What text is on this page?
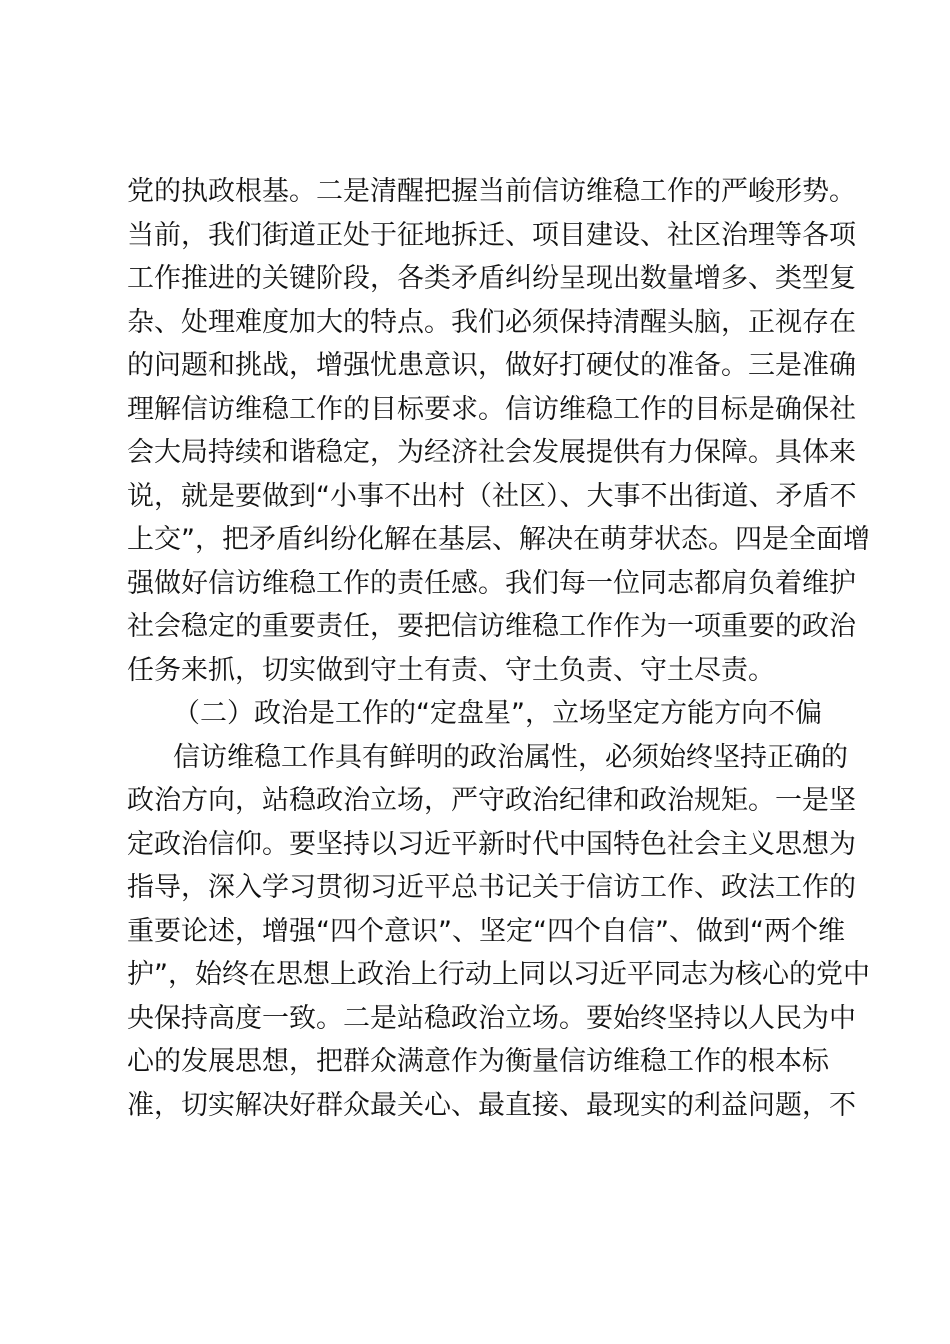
党的执政根基。二是清醒把握当前信访维稳工作的严峻形势。
当前，我们街道正处于征地拆迁、项目建设、社区治理等各项
工作推进的关键阶段，各类矛盾纠纷呈现出数量增多、类型复
杂、处理难度加大的特点。我们必须保持清醒头脑，正视存在
的问题和挑战，增强忧患意识，做好打硬仗的准备。三是准确
理解信访维稳工作的目标要求。信访维稳工作的目标是确保社
会大局持续和谐稳定，为经济社会发展提供有力保障。具体来
说，就是要做到“小事不出村（社区）、大事不出街道、矛盾不
上交”，把矛盾纠纷化解在基层、解决在萌芽状态。四是全面增
强做好信访维稳工作的责任感。我们每一位同志都肩负着维护
社会稳定的重要责任，要把信访维稳工作作为一项重要的政治
任务来抓，切实做到守土有责、守土负责、守土尽责。
（二）政治是工作的“定盘星”，立场坚定方能方向不偏
信访维稳工作具有鲜明的政治属性，必须始终坚持正确的
政治方向，站稳政治立场，严守政治纪律和政治规矩。一是坚
定政治信仰。要坚持以习近平新时代中国特色社会主义思想为
指导，深入学习贯彻习近平总书记关于信访工作、政法工作的
重要论述，增强“四个意识”、坚定“四个自信”、做到“两个维
护”，始终在思想上政治上行动上同以习近平同志为核心的党中
央保持高度一致。二是站稳政治立场。要始终坚持以人民为中
心的发展思想，把群众满意作为衡量信访维稳工作的根本标
准，切实解决好群众最关心、最直接、最现实的利益问题，不
